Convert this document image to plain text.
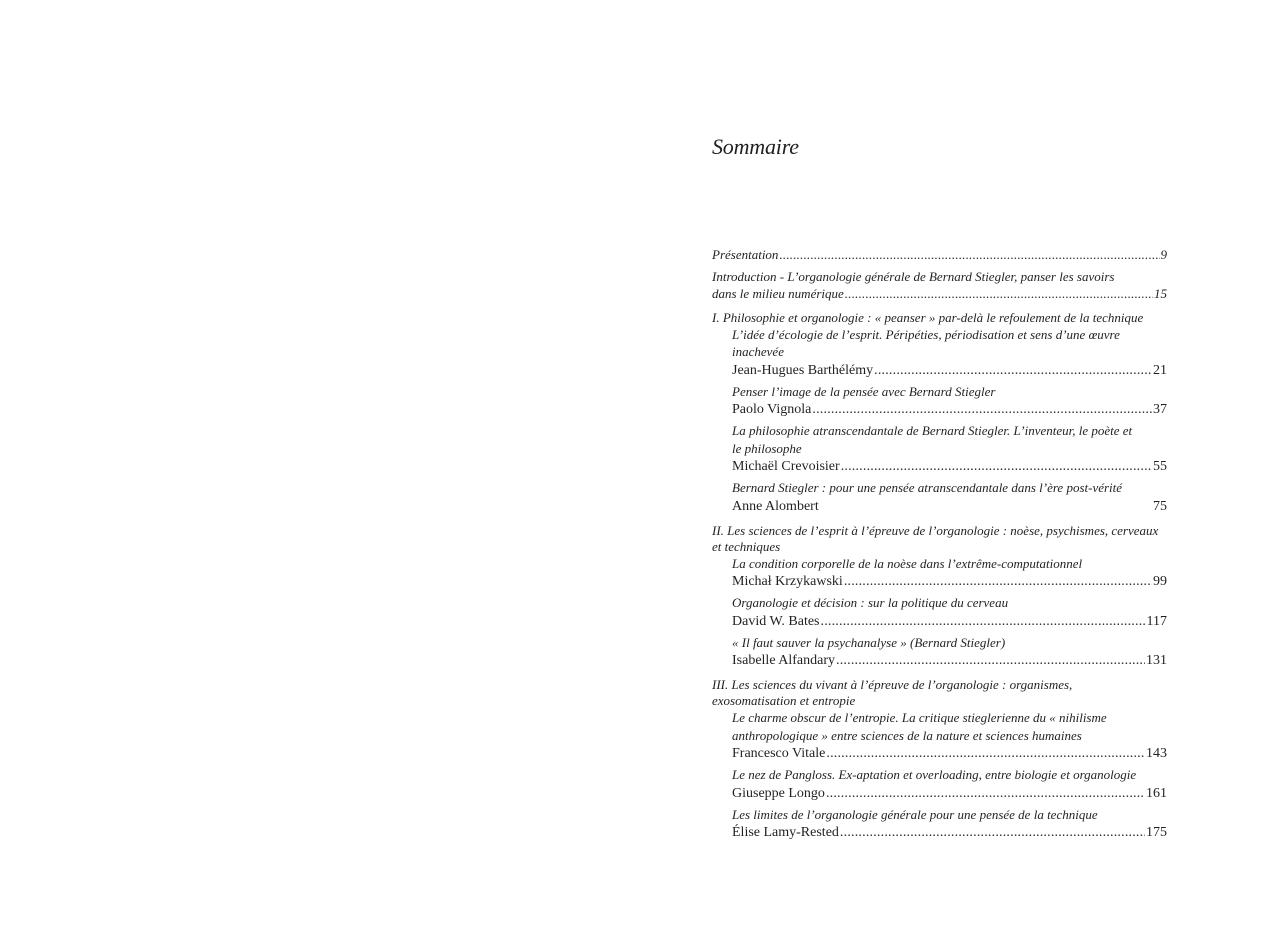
Sommaire
Présentation .....	9
Introduction - L’organologie générale de Bernard Stiegler, panser les savoirs
dans le milieu numérique .....	15
I. Philosophie et organologie : « peanser » par-delà le refoulement de la technique
L’idée d’écologie de l’esprit. Péripéties, périodisation et sens d’une œuvre inachevée
Jean-Hugues Barthélémy .....	21
Penser l’image de la pensée avec Bernard Stiegler
Paolo Vignola .....	37
La philosophie atranscendantale de Bernard Stiegler. L’inventeur, le poète et le philosophe
Michaël Crevoisier .....	55
Bernard Stiegler : pour une pensée atranscendantale dans l’ère post-vérité
Anne Alombert	75
II. Les sciences de l’esprit à l’épreuve de l’organologie : noèse, psychismes, cerveaux et techniques
La condition corporelle de la noèse dans l’extrême-computationnel
Michał Krzykawski .....	99
Organologie et décision : sur la politique du cerveau
David W. Bates .....	117
« Il faut sauver la psychanalyse » (Bernard Stiegler)
Isabelle Alfandary .....	131
III. Les sciences du vivant à l’épreuve de l’organologie : organismes, exosomatisation et entropie
Le charme obscur de l’entropie. La critique stieglerienne du « nihilisme anthropologique » entre sciences de la nature et sciences humaines
Francesco Vitale .....	143
Le nez de Pangloss. Ex-aptation et overloading, entre biologie et organologie
Giuseppe Longo .....	161
Les limites de l’organologie générale pour une pensée de la technique
Élise Lamy-Rested .....	175
